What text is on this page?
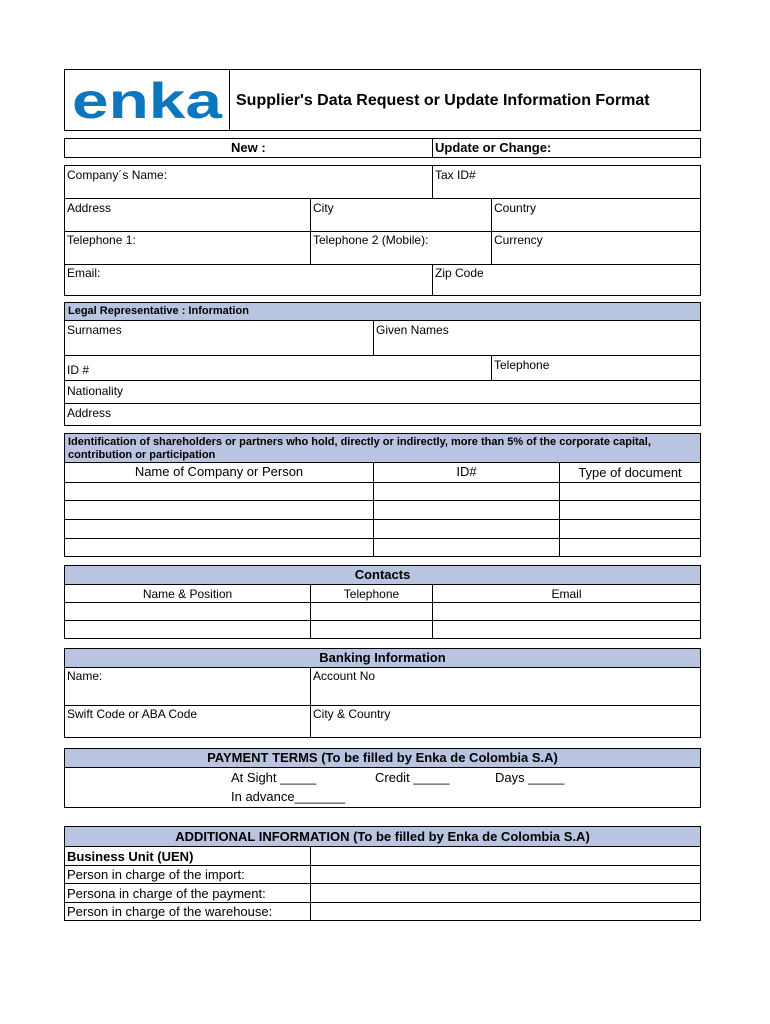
enka Supplier's Data Request or Update Information Format
New :	Update or Change:
Company´s Name:	Tax ID#
Address	City	Country
Telephone 1:	Telephone 2 (Mobile):	Currency
Email:	Zip Code
Legal Representative : Information
Surnames	Given Names
ID #	Telephone
Nationality
Address
Identification of shareholders or partners who hold, directly or indirectly, more than 5% of the corporate capital,
contribution or participation
Name of Company or Person	ID#	Type of document
Contacts
Name & Position	Telephone	Email
Banking Information
Name:	Account No
Swift Code or ABA Code	City & Country
PAYMENT TERMS (To be filled by Enka de Colombia S.A)
At Sight _____	Credit _____	Days _____
In advance_______
ADDITIONAL INFORMATION (To be filled by Enka de Colombia S.A)
Business Unit (UEN)
Person in charge of the import:
Persona in charge of the payment:
Person in charge of the warehouse:
